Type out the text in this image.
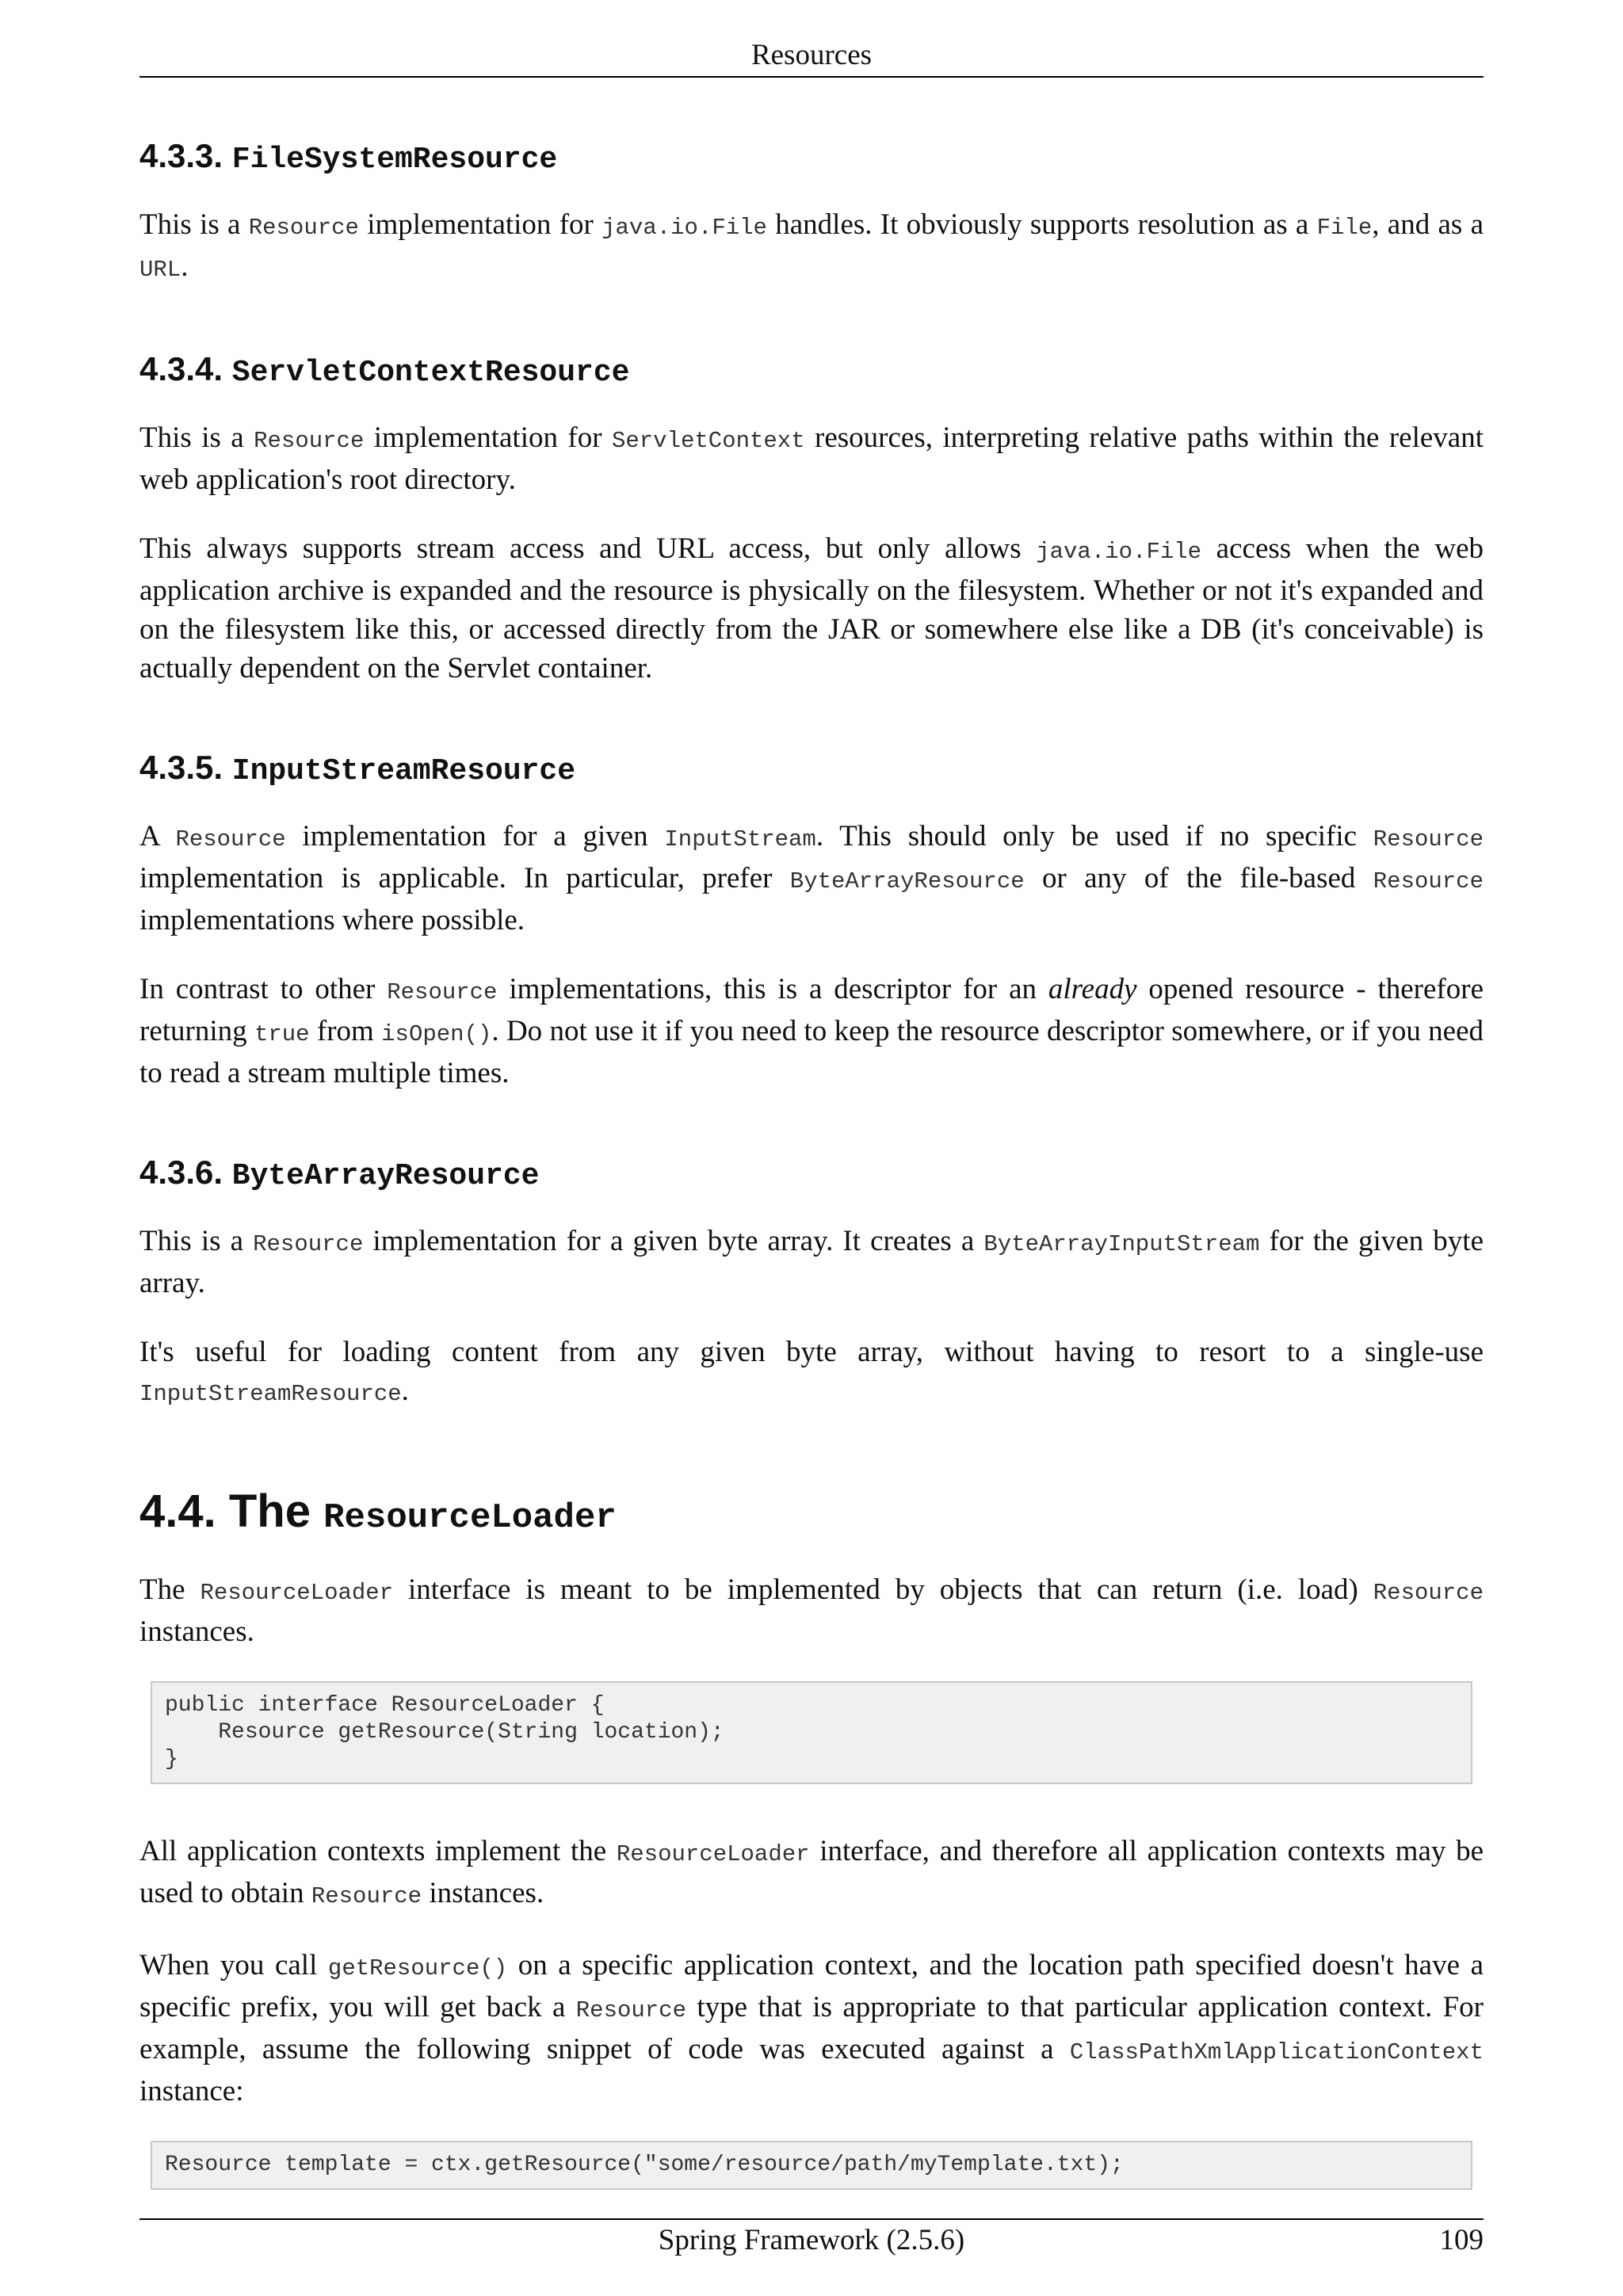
Resources
4.3.3. FileSystemResource

This is a Resource implementation for java.io.File handles. It obviously supports resolution as a File, and as a URL.

4.3.4. ServletContextResource

This is a Resource implementation for ServletContext resources, interpreting relative paths within the relevant web application's root directory.

This always supports stream access and URL access, but only allows java.io.File access when the web application archive is expanded and the resource is physically on the filesystem. Whether or not it's expanded and on the filesystem like this, or accessed directly from the JAR or somewhere else like a DB (it's conceivable) is actually dependent on the Servlet container.

4.3.5. InputStreamResource

A Resource implementation for a given InputStream. This should only be used if no specific Resource implementation is applicable. In particular, prefer ByteArrayResource or any of the file-based Resource implementations where possible.

In contrast to other Resource implementations, this is a descriptor for an already opened resource - therefore returning true from isOpen(). Do not use it if you need to keep the resource descriptor somewhere, or if you need to read a stream multiple times.

4.3.6. ByteArrayResource

This is a Resource implementation for a given byte array. It creates a ByteArrayInputStream for the given byte array.

It's useful for loading content from any given byte array, without having to resort to a single-use InputStreamResource.

4.4. The ResourceLoader

The ResourceLoader interface is meant to be implemented by objects that can return (i.e. load) Resource instances.

public interface ResourceLoader {
Resource getResource(String location);
}

All application contexts implement the ResourceLoader interface, and therefore all application contexts may be used to obtain Resource instances.

When you call getResource() on a specific application context, and the location path specified doesn't have a specific prefix, you will get back a Resource type that is appropriate to that particular application context. For example, assume the following snippet of code was executed against a ClassPathXmlApplicationContext instance:

Resource template = ctx.getResource("some/resource/path/myTemplate.txt);
Spring Framework (2.5.6)	109
